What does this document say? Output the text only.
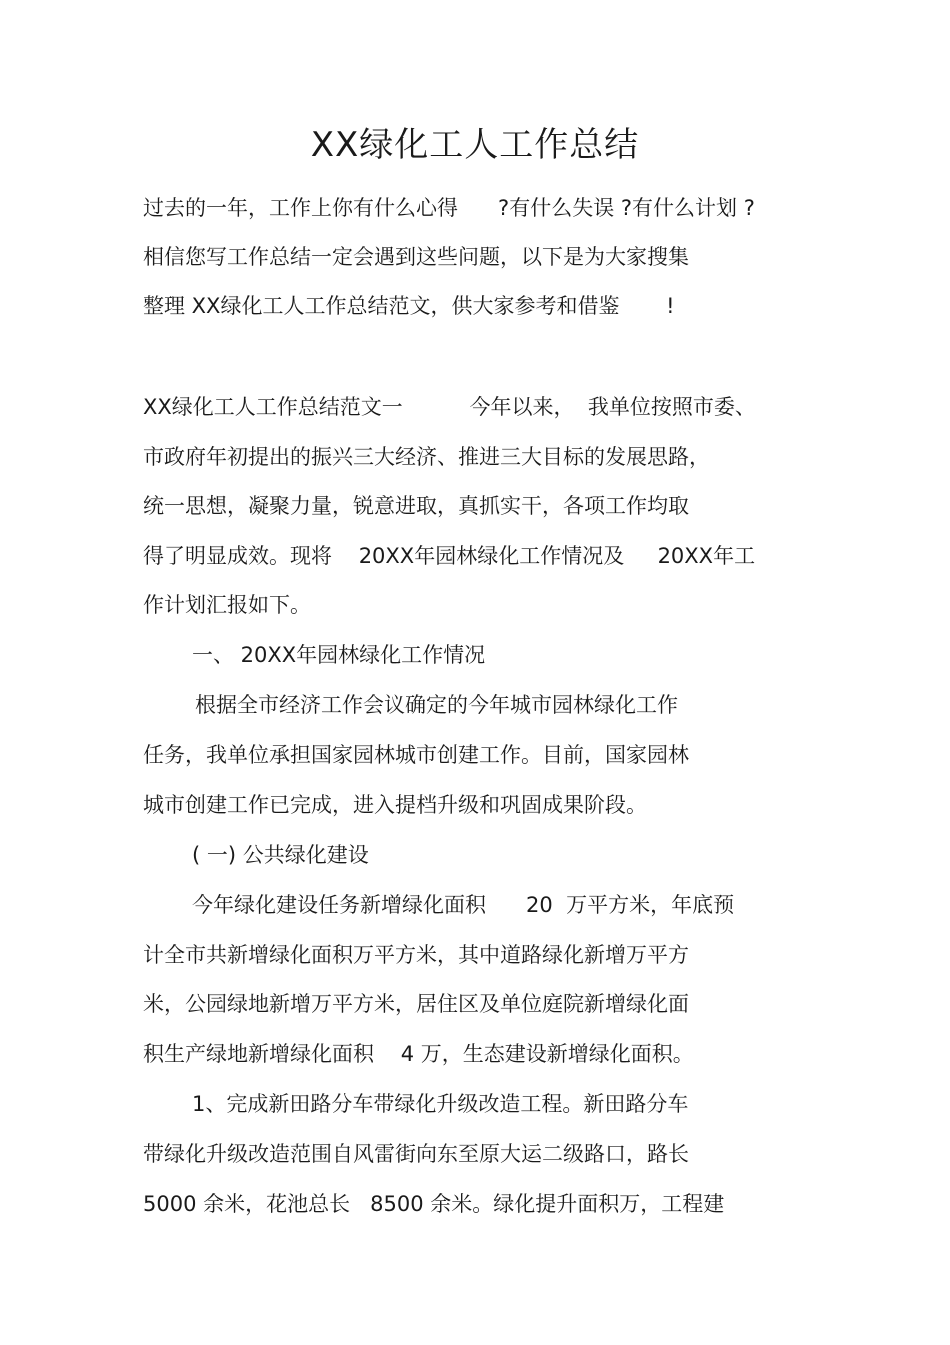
XX绿化工人工作总结
过去的一年，工作上你有什么心得      ?有什么失误 ?有什么计划 ?
相信您写工作总结一定会遇到这些问题，以下是为大家搜集
整理 XX绿化工人工作总结范文，供大家参考和借鉴       !
XX绿化工人工作总结范文一          今年以来，  我单位按照市委、
市政府年初提出的振兴三大经济、推进三大目标的发展思路，
统一思想，凝聚力量，锐意进取，真抓实干，各项工作均取
得了明显成效。现将    20XX年园林绿化工作情况及     20XX年工
作计划汇报如下。
一、 20XX年园林绿化工作情况
根据全市经济工作会议确定的今年城市园林绿化工作
任务，我单位承担国家园林城市创建工作。目前，国家园林
城市创建工作已完成，进入提档升级和巩固成果阶段。
( 一) 公共绿化建设
今年绿化建设任务新增绿化面积      20  万平方米，年底预
计全市共新增绿化面积万平方米，其中道路绿化新增万平方
米，公园绿地新增万平方米，居住区及单位庭院新增绿化面
积生产绿地新增绿化面积    4 万，生态建设新增绿化面积。
1、完成新田路分车带绿化升级改造工程。新田路分车
带绿化升级改造范围自风雷街向东至原大运二级路口，路长
5000 余米，花池总长   8500 余米。绿化提升面积万，工程建
